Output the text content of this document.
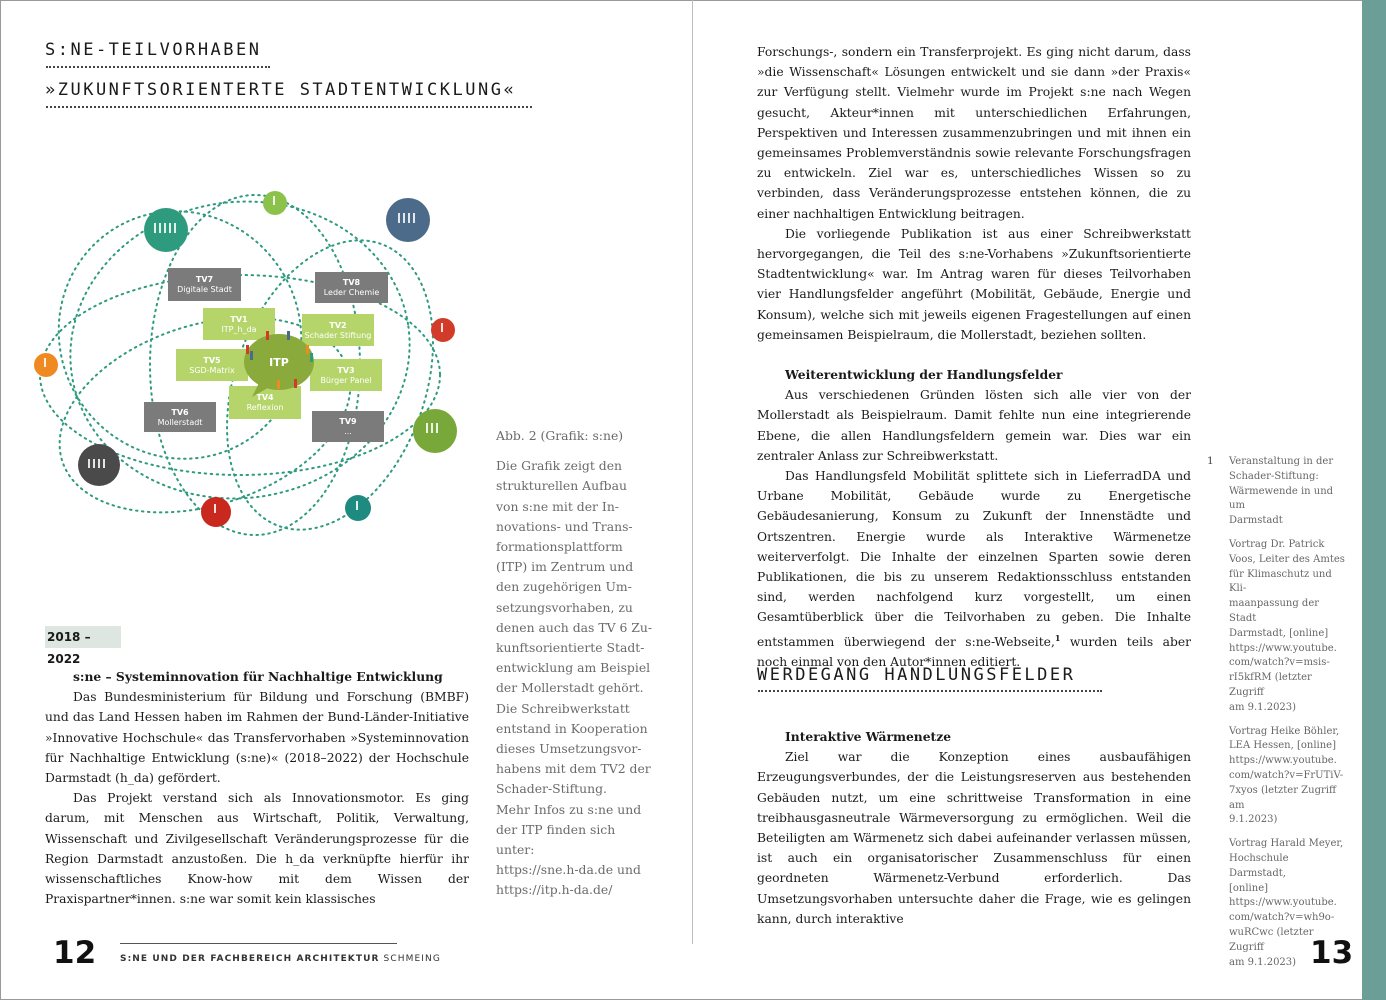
S:NE-TEILVORHABEN
»ZUKUNFTSORIENTERTE STADTENTWICKLUNG«
TV7
Digitale Stadt
TV8
Leder Chemie
TV1
ITP_h_da	TV2
Schader Stiftung
TV5
SGD-Matrix	TV3
Bürger Panel
TV6
Mollerstadt
TV4
Reflexion
TV9
...
ITP

Abb. 2 (Grafik: s:ne)

Die Grafik zeigt den

strukturellen Aufbau

von s:ne mit der In-

novations- und Trans-

formationsplattform

(ITP) im Zentrum und

den zugehörigen Um-

setzungsvorhaben, zu

denen auch das TV 6 Zu-

kunftsorientierte Stadt-

entwicklung am Beispiel

der Mollerstadt gehört.

Die Schreibwerkstatt

entstand in Kooperation

dieses Umsetzungsvor-

habens mit dem TV2 der

Schader-Stiftung.

Mehr Infos zu s:ne und

der ITP finden sich unter:

https://sne.h-da.de und

https://itp.h-da.de/

2018 – 2022

s:ne – Systeminnovation für Nachhaltige Entwicklung

Das Bundesministerium für Bildung und Forschung (BMBF) und das Land Hessen haben im Rahmen der Bund-Länder-Initiative »Innovative Hochschule« das Transfervorhaben »Systeminnovation für Nachhaltige Entwicklung (s:ne)« (2018–2022) der Hochschule Darmstadt (h_da) gefördert.

Das Projekt verstand sich als Innovationsmotor. Es ging darum, mit Menschen aus Wirtschaft, Politik, Verwaltung, Wissenschaft und Zivilgesellschaft Veränderungsprozesse für die Region Darmstadt anzustoßen. Die h_da verknüpfte hierfür ihr wissenschaftliches Know-how mit dem Wissen der Praxispartner*innen. s:ne war somit kein klassisches

12	S:NE UND DER FACHBEREICH ARCHITEKTUR SCHMEING

Forschungs-, sondern ein Transferprojekt. Es ging nicht darum, dass »die Wissenschaft« Lösungen entwickelt und sie dann »der Praxis« zur Verfügung stellt. Vielmehr wurde im Projekt s:ne nach Wegen gesucht, Akteur*innen mit unterschiedlichen Erfahrungen, Perspektiven und Interessen zusammenzubringen und mit ihnen ein gemeinsames Problemverständnis sowie relevante Forschungsfragen zu entwickeln. Ziel war es, unterschiedliches Wissen so zu verbinden, dass Veränderungsprozesse entstehen können, die zu einer nachhaltigen Entwicklung beitragen.

Die vorliegende Publikation ist aus einer Schreibwerkstatt hervorgegangen, die Teil des s:ne-Vorhabens »Zukunftsorientierte Stadtentwicklung« war. Im Antrag waren für dieses Teilvorhaben vier Handlungsfelder angeführt (Mobilität, Gebäude, Energie und Konsum), welche sich mit jeweils eigenen Fragestellungen auf einen gemeinsamen Beispielraum, die Mollerstadt, beziehen sollten.

Weiterentwicklung der Handlungsfelder

Aus verschiedenen Gründen lösten sich alle vier von der Mollerstadt als Beispielraum. Damit fehlte nun eine integrierende Ebene, die allen Handlungsfeldern gemein war. Dies war ein zentraler Anlass zur Schreibwerkstatt.

Das Handlungsfeld Mobilität splittete sich in LieferradDA und Urbane Mobilität, Gebäude wurde zu Energetische Gebäudesanierung, Konsum zu Zukunft der Innenstädte und Ortszentren. Energie wurde als Interaktive Wärmenetze weiterverfolgt. Die Inhalte der einzelnen Sparten sowie deren Publikationen, die bis zu unserem Redaktionsschluss entstanden sind, werden nachfolgend kurz vorgestellt, um einen Gesamtüberblick über die Teilvorhaben zu geben. Die Inhalte entstammen überwiegend der s:ne-Webseite,$^1$ wurden teils aber noch einmal von den Autor*innen editiert.

WERDEGANG HANDLUNGSFELDER

Interaktive Wärmenetze

Ziel war die Konzeption eines ausbaufähigen Erzeugungsverbundes, der die Leistungsreserven aus bestehenden Gebäuden nutzt, um eine schrittweise Transformation in eine treibhausgasneutrale Wärmeversorgung zu ermöglichen. Weil die Beteiligten am Wärmenetz sich dabei aufeinander verlassen müssen, ist auch ein organisatorischer Zusammenschluss für einen geordneten Wärmenetz-Verbund erforderlich. Das Umsetzungsvorhaben untersuchte daher die Frage, wie es gelingen kann, durch interaktive

1 Veranstaltung in der
Schader-Stiftung:
Wärmewende in und um
Darmstadt

Vortrag Dr. Patrick
Voos, Leiter des Amtes
für Klimaschutz und Kli-
maanpassung der Stadt
Darmstadt, [online]
https://www.youtube.
com/watch?v=msis-
rI5kfRM (letzter Zugriff
am 9.1.2023)

Vortrag Heike Böhler,
LEA Hessen, [online]
https://www.youtube.
com/watch?v=FrUTiV-
7xyos (letzter Zugriff am
9.1.2023)

Vortrag Harald Meyer,
Hochschule Darmstadt,
[online]
https://www.youtube.
com/watch?v=wh9o-
wuRCwc (letzter Zugriff
am 9.1.2023) 13
